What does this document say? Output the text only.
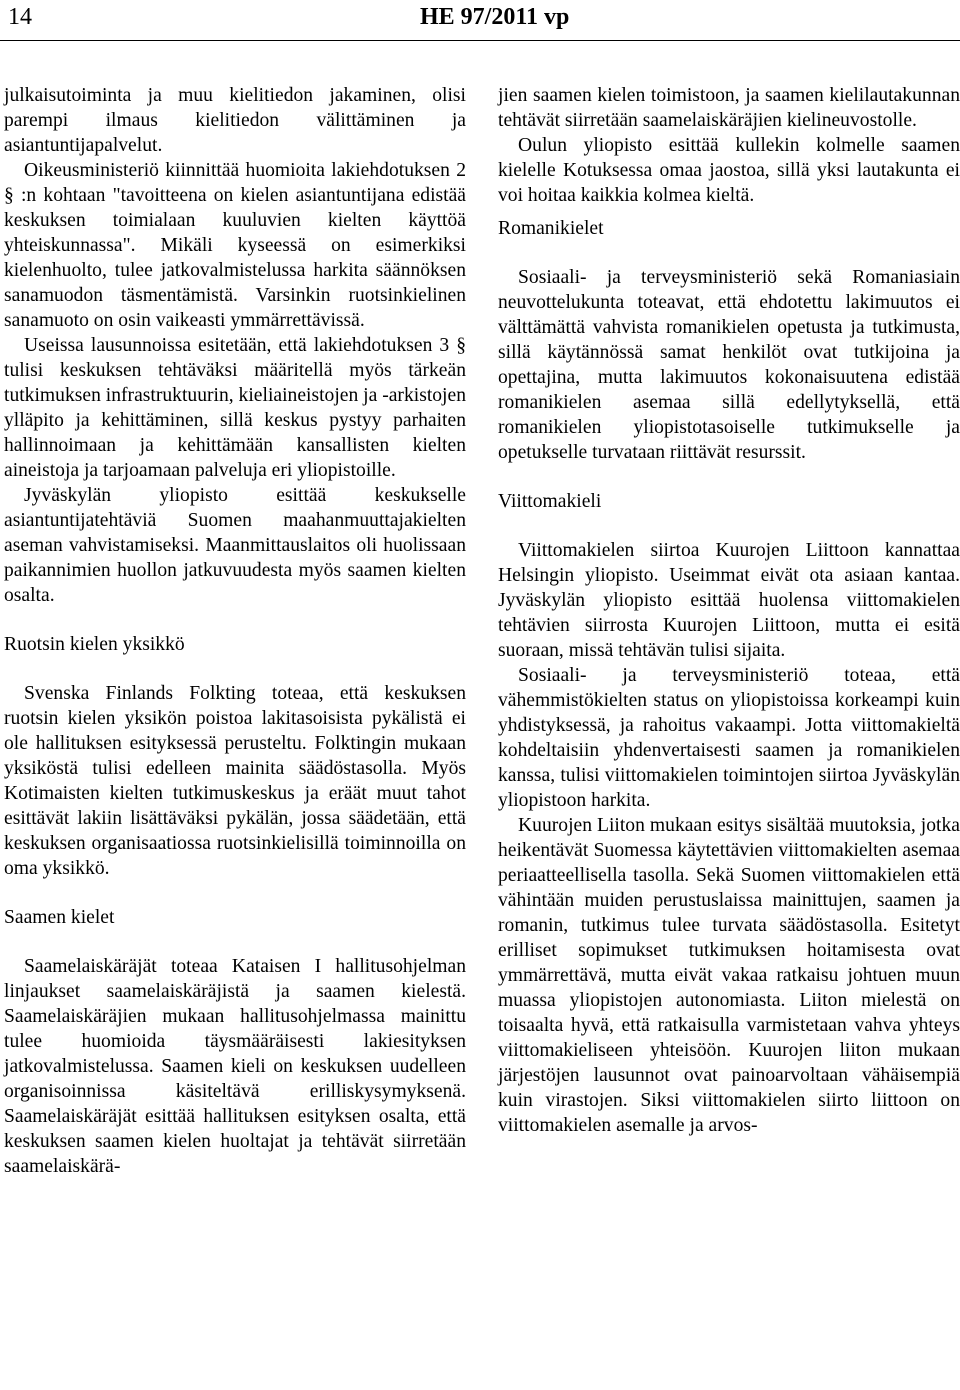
14	HE 97/2011 vp

julkaisutoiminta ja muu kielitiedon jakaminen, olisi parempi ilmaus kielitiedon välittäminen ja asiantuntijapalvelut.

Oikeusministeriö kiinnittää huomioita lakiehdotuksen 2 § :n kohtaan "tavoitteena on kielen asiantuntijana edistää keskuksen toimialaan kuuluvien kielten käyttöä yhteiskunnassa". Mikäli kyseessä on esimerkiksi kielenhuolto, tulee jatkovalmistelussa harkita säännöksen sanamuodon täsmentämistä. Varsinkin ruotsinkielinen sanamuoto on osin vaikeasti ymmärrettävissä.

Useissa lausunnoissa esitetään, että lakiehdotuksen 3 § tulisi keskuksen tehtäväksi määritellä myös tärkeän tutkimuksen infrastruktuurin, kieliaineistojen ja -arkistojen ylläpito ja kehittäminen, sillä keskus pystyy parhaiten hallinnoimaan ja kehittämään kansallisten kielten aineistoja ja tarjoamaan palveluja eri yliopistoille.

Jyväskylän yliopisto esittää keskukselle asiantuntijatehtäviä Suomen maahanmuuttajakielten aseman vahvistamiseksi. Maanmittauslaitos oli huolissaan paikannimien huollon jatkuvuudesta myös saamen kielten osalta.

Ruotsin kielen yksikkö

Svenska Finlands Folkting toteaa, että keskuksen ruotsin kielen yksikön poistoa lakitasoisista pykälistä ei ole hallituksen esityksessä perusteltu. Folktingin mukaan yksiköstä tulisi edelleen mainita säädöstasolla. Myös Kotimaisten kielten tutkimuskeskus ja eräät muut tahot esittävät lakiin lisättäväksi pykälän, jossa säädetään, että keskuksen organisaatiossa ruotsinkielisillä toiminnoilla on oma yksikkö.

Saamen kielet

Saamelaiskäräjät toteaa Kataisen I hallitusohjelman linjaukset saamelaiskäräjistä ja saamen kielestä. Saamelaiskäräjien mukaan hallitusohjelmassa mainittu tulee huomioida täysmääräisesti lakiesityksen jatkovalmistelussa. Saamen kieli on keskuksen uudelleen organisoinnissa käsiteltävä erilliskysymyksenä. Saamelaiskäräjät esittää hallituksen esityksen osalta, että keskuksen saamen kielen huoltajat ja tehtävät siirretään saamelaiskärä-

jien saamen kielen toimistoon, ja saamen kielilautakunnan tehtävät siirretään saamelaiskäräjien kielineuvostolle.

Oulun yliopisto esittää kullekin kolmelle saamen kielelle Kotuksessa omaa jaostoa, sillä yksi lautakunta ei voi hoitaa kaikkia kolmea kieltä.

Romanikielet

Sosiaali- ja terveysministeriö sekä Romaniasiain neuvottelukunta toteavat, että ehdotettu lakimuutos ei välttämättä vahvista romanikielen opetusta ja tutkimusta, sillä käytännössä samat henkilöt ovat tutkijoina ja opettajina, mutta lakimuutos kokonaisuutena edistää romanikielen asemaa sillä edellytyksellä, että romanikielen yliopistotasoiselle tutkimukselle ja opetukselle turvataan riittävät resurssit.

Viittomakieli

Viittomakielen siirtoa Kuurojen Liittoon kannattaa Helsingin yliopisto. Useimmat eivät ota asiaan kantaa. Jyväskylän yliopisto esittää huolensa viittomakielen tehtävien siirrosta Kuurojen Liittoon, mutta ei esitä suoraan, missä tehtävän tulisi sijaita.

Sosiaali- ja terveysministeriö toteaa, että vähemmistökielten status on yliopistoissa korkeampi kuin yhdistyksessä, ja rahoitus vakaampi. Jotta viittomakieltä kohdeltaisiin yhdenvertaisesti saamen ja romanikielen kanssa, tulisi viittomakielen toimintojen siirtoa Jyväskylän yliopistoon harkita.

Kuurojen Liiton mukaan esitys sisältää muutoksia, jotka heikentävät Suomessa käytettävien viittomakielten asemaa periaatteellisella tasolla. Sekä Suomen viittomakielen että vähintään muiden perustuslaissa mainittujen, saamen ja romanin, tutkimus tulee turvata säädöstasolla. Esitetyt erilliset sopimukset tutkimuksen hoitamisesta ovat ymmärrettävä, mutta eivät vakaa ratkaisu johtuen muun muassa yliopistojen autonomiasta. Liiton mielestä on toisaalta hyvä, että ratkaisulla varmistetaan vahva yhteys viittomakieliseen yhteisöön. Kuurojen liiton mukaan järjestöjen lausunnot ovat painoarvoltaan vähäisempiä kuin virastojen. Siksi viittomakielen siirto liittoon on viittomakielen asemalle ja arvos-
